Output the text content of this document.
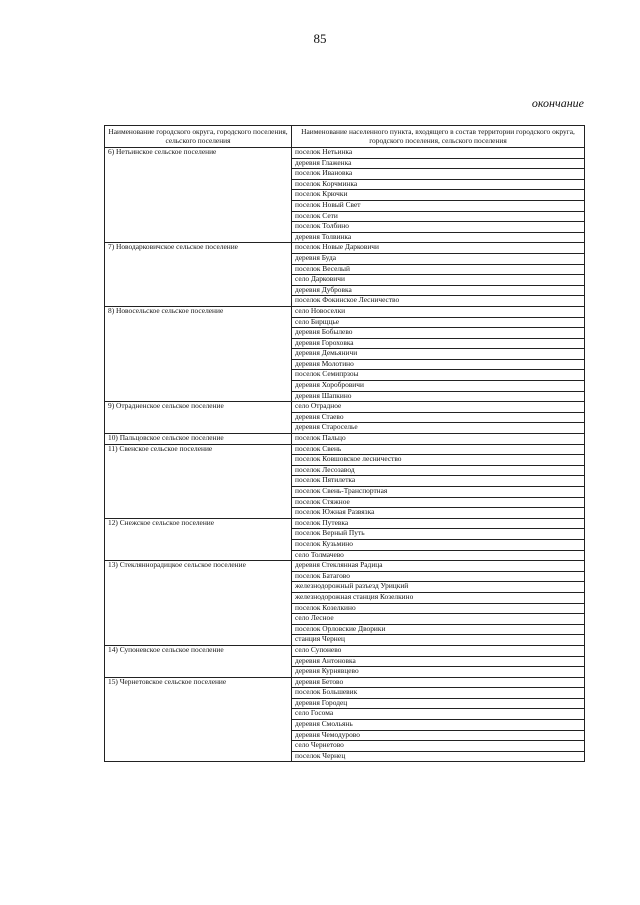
85
окончание
Наименование городского округа, городского поселения, сельского поселения	Наименование населенного пункта, входящего в состав территории городского округа, городского поселения, сельского поселения
6) Нетьинское сельское поселение	поселок Нетьинка
	деревня Глаженка
	поселок Ивановка
	поселок Корчминка
	поселок Крючки
	поселок Новый Свет
	поселок Сети
	поселок Толбино
	деревня Толвинка
7) Новодарковичское сельское поселение	поселок Новые Дарковичи
	деревня Буда
	поселок Веселый
	село Дарковичи
	деревня Дубровка
	поселок Фокинское Лесничество
8) Новосельское сельское поселение	село Новоселки
	село Бирщцье
	деревня Бобылево
	деревня Гороховка
	деревня Демьяничи
	деревня Молотино
	поселок Семипрзоы
	деревня Хоробровичи
	деревня Шапкино
9) Отрадненское сельское поселение	село Отрадное
	деревня Стаево
	деревня Староселье
10) Пальцовское сельское поселение	поселок Пальцо
11) Свенское сельское поселение	поселок Свень
	поселок Ковшовское лесничество
	поселок Лесозавод
	поселок Пятилетка
	поселок Свень-Транспортная
	поселок Стяжное
	поселок Южная Развязка
12) Снежское сельское поселение	поселок Путевка
	поселок Верный Путь
	поселок Кузьмино
	село Толмачево
13) Стекляннорадицкое сельское поселение	деревня Стеклянная Радица
	поселок Батагово
	железнодорожный разъезд Урицкий
	железнодорожная станция Козелкино
	поселок Козелкино
	село Лесное
	поселок Орловские Дворики
	станция Чернец
14) Супоневское сельское поселение	село Супонево
	деревня Антоновка
	деревня Курнявцево
15) Чернетовское сельское поселение	деревня Бетово
	поселок Большевик
	деревня Городец
	село Госома
	деревня Смольянь
	деревня Чемодурово
	село Чернетово
	поселок Чернец
